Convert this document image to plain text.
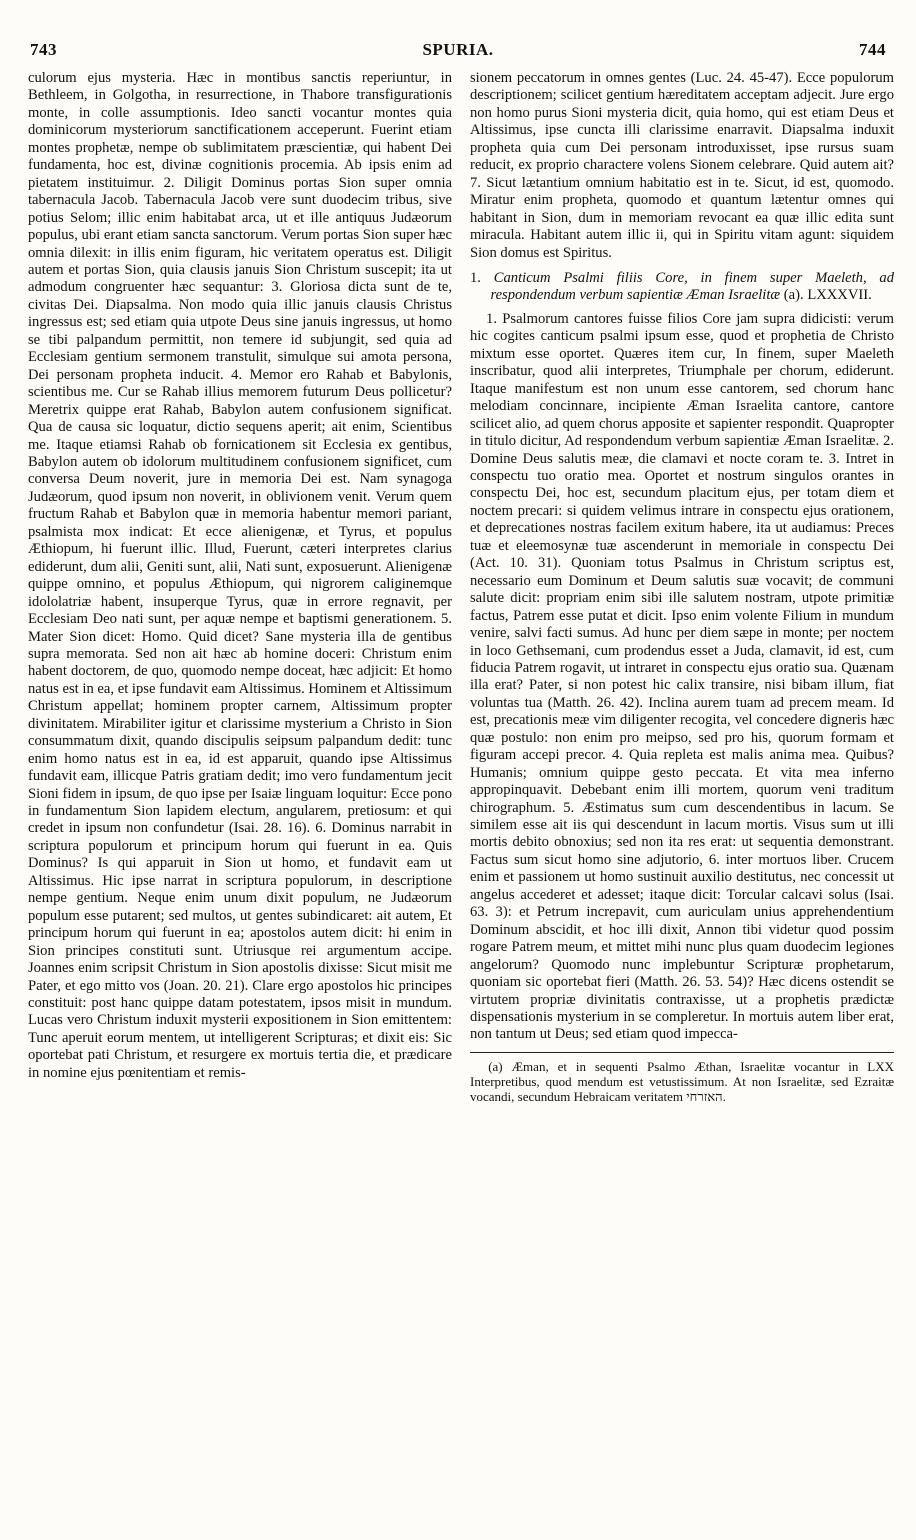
743	SPURIA.	744

culorum ejus mysteria. Hæc in montibus sanctis reperiuntur, in Bethleem, in Golgotha, in resurrectione, in Thabore transfigurationis monte, in colle assumptionis. Ideo sancti vocantur montes quia dominicorum mysteriorum sanctificationem acceperunt. Fuerint etiam montes prophetæ, nempe ob sublimitatem præscientiæ, qui habent Dei fundamenta, hoc est, divinæ cognitionis procemia. Ab ipsis enim ad pietatem instituimur. 2. Diligit Dominus portas Sion super omnia tabernacula Jacob. Tabernacula Jacob vere sunt duodecim tribus, sive potius Selom; illic enim habitabat arca, ut et ille antiquus Judæorum populus, ubi erant etiam sancta sanctorum. Verum portas Sion super hæc omnia dilexit: in illis enim figuram, hic veritatem operatus est. Diligit autem et portas Sion, quia clausis januis Sion Christum suscepit; ita ut admodum congruenter hæc sequantur: 3. Gloriosa dicta sunt de te, civitas Dei. Diapsalma. Non modo quia illic januis clausis Christus ingressus est; sed etiam quia utpote Deus sine januis ingressus, ut homo se tibi palpandum permittit, non temere id subjungit, sed quia ad Ecclesiam gentium sermonem transtulit, simulque sui amota persona, Dei personam propheta inducit. 4. Memor ero Rahab et Babylonis, scientibus me. Cur se Rahab illius memorem futurum Deus pollicetur? Meretrix quippe erat Rahab, Babylon autem confusionem significat. Qua de causa sic loquatur, dictio sequens aperit; ait enim, Scientibus me. Itaque etiamsi Rahab ob fornicationem sit Ecclesia ex gentibus, Babylon autem ob idolorum multitudinem confusionem significet, cum conversa Deum noverit, jure in memoria Dei est. Nam synagoga Judæorum, quod ipsum non noverit, in oblivionem venit. Verum quem fructum Rahab et Babylon quæ in memoria habentur memori pariant, psalmista mox indicat: Et ecce alienigenæ, et Tyrus, et populus Æthiopum, hi fuerunt illic. Illud, Fuerunt, cæteri interpretes clarius ediderunt, dum alii, Geniti sunt, alii, Nati sunt, exposuerunt. Alienigenæ quippe omnino, et populus Æthiopum, qui nigrorem caliginemque idololatriæ habent, insuperque Tyrus, quæ in errore regnavit, per Ecclesiam Deo nati sunt, per aquæ nempe et baptismi generationem. 5. Mater Sion dicet: Homo. Quid dicet? Sane mysteria illa de gentibus supra memorata. Sed non ait hæc ab homine doceri: Christum enim habent doctorem, de quo, quomodo nempe doceat, hæc adjicit: Et homo natus est in ea, et ipse fundavit eam Altissimus. Hominem et Altissimum Christum appellat; hominem propter carnem, Altissimum propter divinitatem. Mirabiliter igitur et clarissime mysterium a Christo in Sion consummatum dixit, quando discipulis seipsum palpandum dedit: tunc enim homo natus est in ea, id est apparuit, quando ipse Altissimus fundavit eam, illicque Patris gratiam dedit; imo vero fundamentum jecit Sioni fidem in ipsum, de quo ipse per Isaiæ linguam loquitur: Ecce pono in fundamentum Sion lapidem electum, angularem, pretiosum: et qui credet in ipsum non confundetur (Isai. 28. 16). 6. Dominus narrabit in scriptura populorum et principum horum qui fuerunt in ea. Quis Dominus? Is qui apparuit in Sion ut homo, et fundavit eam ut Altissimus. Hic ipse narrat in scriptura populorum, in descriptione nempe gentium. Neque enim unum dixit populum, ne Judæorum populum esse putarent; sed multos, ut gentes subindicaret: ait autem, Et principum horum qui fuerunt in ea; apostolos autem dicit: hi enim in Sion principes constituti sunt. Utriusque rei argumentum accipe. Joannes enim scripsit Christum in Sion apostolis dixisse: Sicut misit me Pater, et ego mitto vos (Joan. 20. 21). Clare ergo apostolos hic principes constituit: post hanc quippe datam potestatem, ipsos misit in mundum. Lucas vero Christum induxit mysterii expositionem in Sion emittentem: Tunc aperuit eorum mentem, ut intelligerent Scripturas; et dixit eis: Sic oportebat pati Christum, et resurgere ex mortuis tertia die, et prædicare in nomine ejus pœnitentiam et remis-

sionem peccatorum in omnes gentes (Luc. 24. 45-47). Ecce populorum descriptionem; scilicet gentium hæreditatem acceptam adjecit. Jure ergo non homo purus Sioni mysteria dicit, quia homo, qui est etiam Deus et Altissimus, ipse cuncta illi clarissime enarravit. Diapsalma induxit propheta quia cum Dei personam introduxisset, ipse rursus suam reducit, ex proprio charactere volens Sionem celebrare. Quid autem ait? 7. Sicut lætantium omnium habitatio est in te. Sicut, id est, quomodo. Miratur enim propheta, quomodo et quantum lætentur omnes qui habitant in Sion, dum in memoriam revocant ea quæ illic edita sunt miracula. Habitant autem illic ii, qui in Spiritu vitam agunt: siquidem Sion domus est Spiritus.

1. Canticum Psalmi filiis Core, in finem super Maeleth, ad respondendum verbum sapientiæ Æman Israelitæ (a). LXXXVII.

1. Psalmorum cantores fuisse filios Core jam supra didicisti: verum hic cogites canticum psalmi ipsum esse, quod et prophetia de Christo mixtum esse oportet. Quæres item cur, In finem, super Maeleth inscribatur, quod alii interpretes, Triumphale per chorum, ediderunt. Itaque manifestum est non unum esse cantorem, sed chorum hanc melodiam concinnare, incipiente Æman Israelita cantore, cantore scilicet alio, ad quem chorus apposite et sapienter respondit. Quapropter in titulo dicitur, Ad respondendum verbum sapientiæ Æman Israelitæ. 2. Domine Deus salutis meæ, die clamavi et nocte coram te. 3. Intret in conspectu tuo oratio mea. Oportet et nostrum singulos orantes in conspectu Dei, hoc est, secundum placitum ejus, per totam diem et noctem precari: si quidem velimus intrare in conspectu ejus orationem, et deprecationes nostras facilem exitum habere, ita ut audiamus: Preces tuæ et eleemosynæ tuæ ascenderunt in memoriale in conspectu Dei (Act. 10. 31). Quoniam totus Psalmus in Christum scriptus est, necessario eum Dominum et Deum salutis suæ vocavit; de communi salute dicit: propriam enim sibi ille salutem nostram, utpote primitiæ factus, Patrem esse putat et dicit. Ipso enim volente Filium in mundum venire, salvi facti sumus. Ad hunc per diem sæpe in monte; per noctem in loco Gethsemani, cum prodendus esset a Juda, clamavit, id est, cum fiducia Patrem rogavit, ut intraret in conspectu ejus oratio sua. Quænam illa erat? Pater, si non potest hic calix transire, nisi bibam illum, fiat voluntas tua (Matth. 26. 42). Inclina aurem tuam ad precem meam. Id est, precationis meæ vim diligenter recogita, vel concedere digneris hæc quæ postulo: non enim pro meipso, sed pro his, quorum formam et figuram accepi precor. 4. Quia repleta est malis anima mea. Quibus? Humanis; omnium quippe gesto peccata. Et vita mea inferno appropinquavit. Debebant enim illi mortem, quorum veni traditum chirographum. 5. Æstimatus sum cum descendentibus in lacum. Se similem esse ait iis qui descendunt in lacum mortis. Visus sum ut illi mortis debito obnoxius; sed non ita res erat: ut sequentia demonstrant. Factus sum sicut homo sine adjutorio, 6. inter mortuos liber. Crucem enim et passionem ut homo sustinuit auxilio destitutus, nec concessit ut angelus accederet et adesset; itaque dicit: Torcular calcavi solus (Isai. 63. 3): et Petrum increpavit, cum auriculam unius apprehendentium Dominum abscidit, et hoc illi dixit, Annon tibi videtur quod possim rogare Patrem meum, et mittet mihi nunc plus quam duodecim legiones angelorum? Quomodo nunc implebuntur Scripturæ prophetarum, quoniam sic oportebat fieri (Matth. 26. 53. 54)? Hæc dicens ostendit se virtutem propriæ divinitatis contraxisse, ut a prophetis prædictæ dispensationis mysterium in se compleretur. In mortuis autem liber erat, non tantum ut Deus; sed etiam quod impecca-

(a) Æman, et in sequenti Psalmo Æthan, Israelitæ vocantur in LXX Interpretibus, quod mendum est vetustissimum. At non Israelitæ, sed Ezraitæ vocandi, secundum Hebraicam veritatem האזרחי.
